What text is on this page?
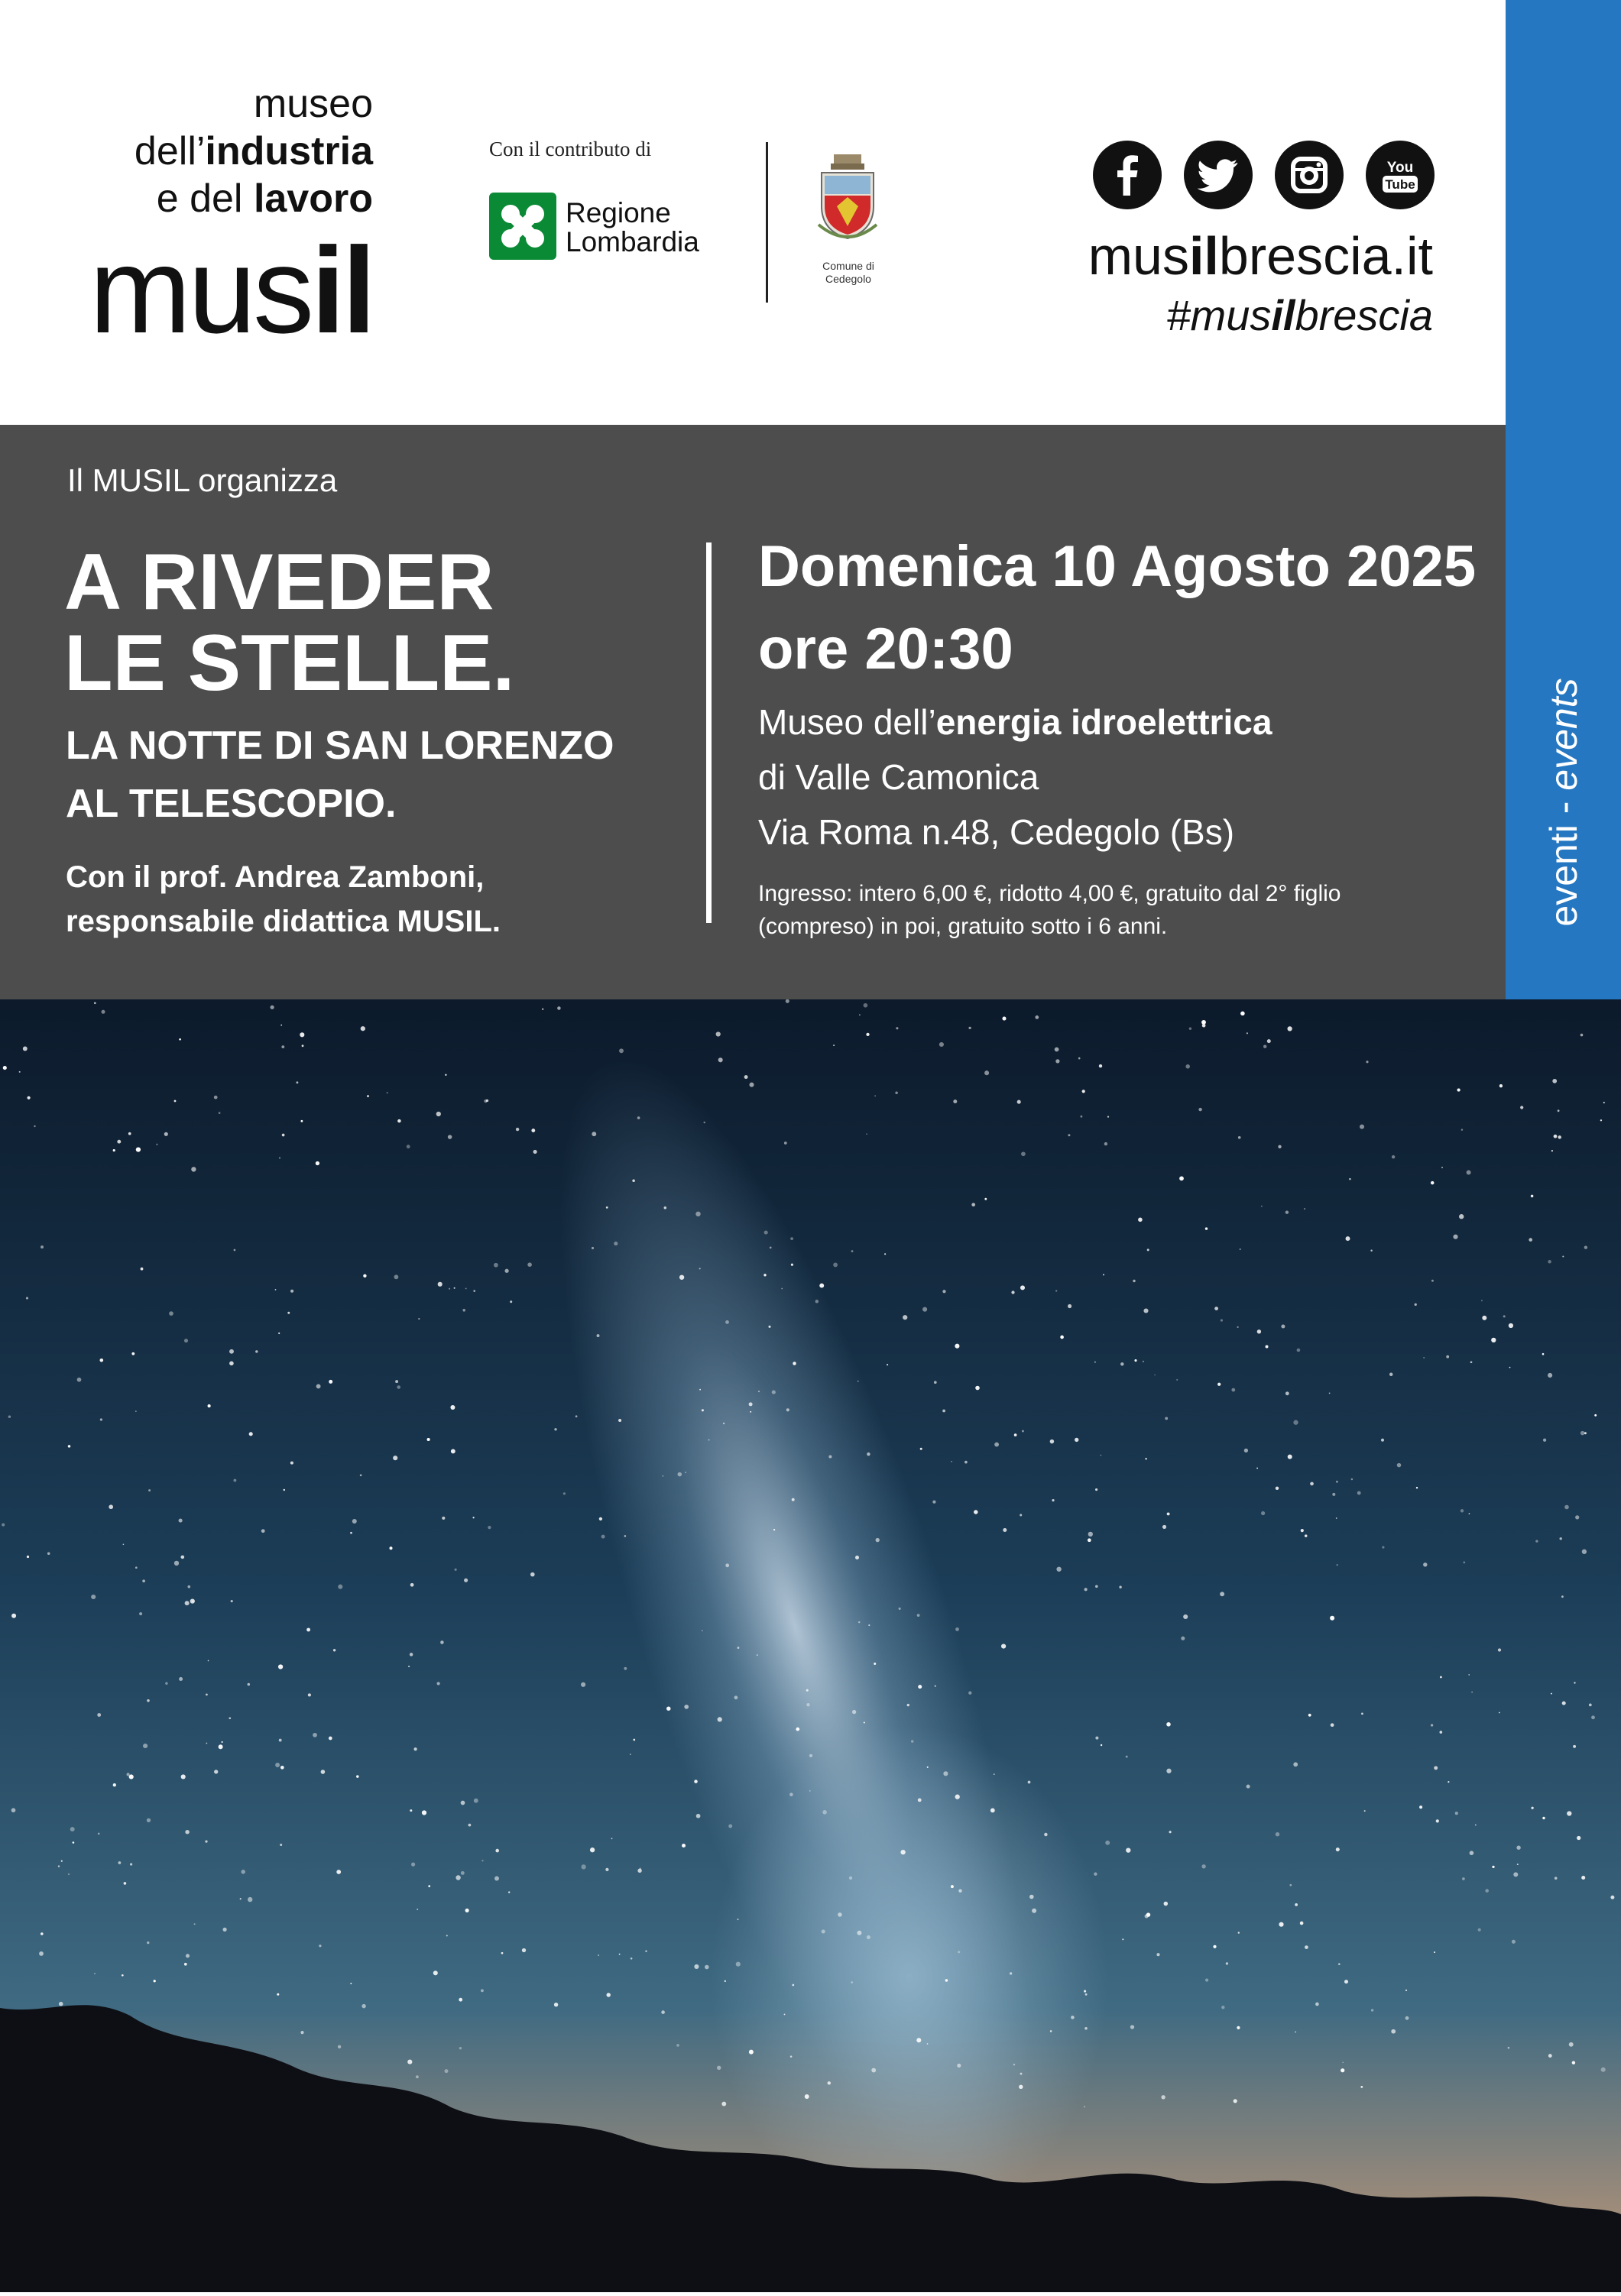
museo
dell’industria
e del lavoro
musil
Con il contributo di
Regione
Lombardia
Comune di
Cedegolo
You
Tube
musilbrescia.it
#musilbrescia
eventi - events
Il MUSIL organizza
A RIVEDER
LE STELLE.
LA NOTTE DI SAN LORENZO
AL TELESCOPIO.
Con il prof. Andrea Zamboni,
responsabile didattica MUSIL.
Domenica 10 Agosto 2025
ore 20:30
Museo dell’energia idroelettrica
di Valle Camonica
Via Roma n.48, Cedegolo (Bs)
Ingresso: intero 6,00 €, ridotto 4,00 €, gratuito dal 2° figlio
(compreso) in poi, gratuito sotto i 6 anni.
